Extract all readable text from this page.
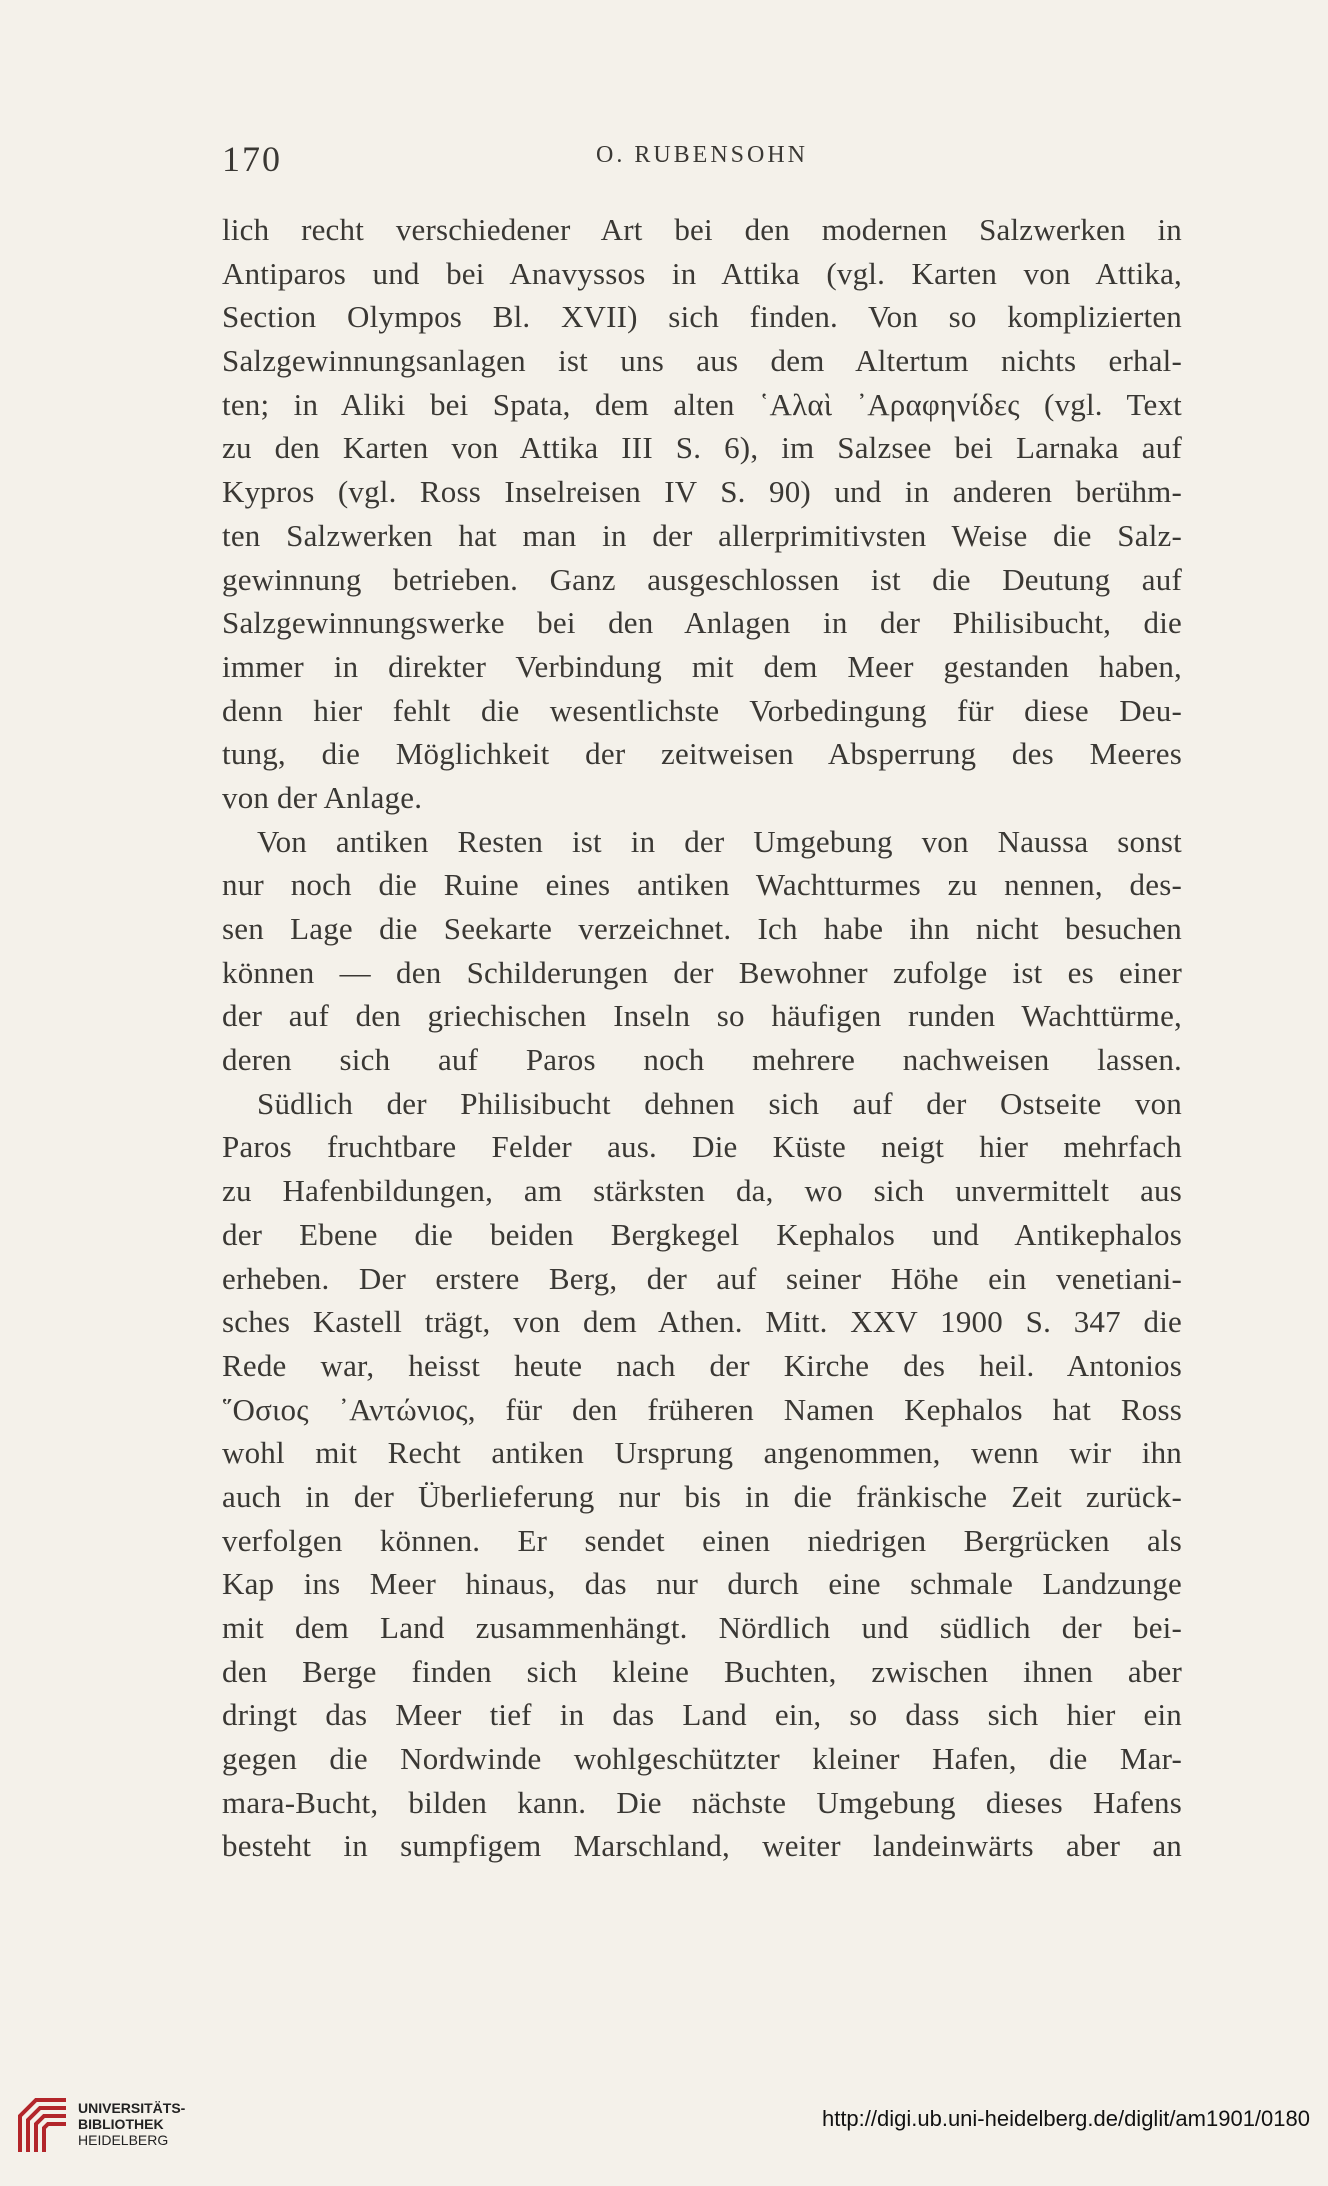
170	O. RUBENSOHN
lich recht verschiedener Art bei den modernen Salzwerken in
Antiparos und bei Anavyssos in Attika (vgl. Karten von Attika,
Section Olympos Bl. XVII) sich finden. Von so komplizierten
Salzgewinnungsanlagen ist uns aus dem Altertum nichts erhal-
ten; in Aliki bei Spata, dem alten ῾Αλαὶ ᾿Αραφηνίδες (vgl. Text
zu den Karten von Attika III S. 6), im Salzsee bei Larnaka auf
Kypros (vgl. Ross Inselreisen IV S. 90) und in anderen berühm-
ten Salzwerken hat man in der allerprimitivsten Weise die Salz-
gewinnung betrieben. Ganz ausgeschlossen ist die Deutung auf
Salzgewinnungswerke bei den Anlagen in der Philisibucht, die
immer in direkter Verbindung mit dem Meer gestanden haben,
denn hier fehlt die wesentlichste Vorbedingung für diese Deu-
tung, die Möglichkeit der zeitweisen Absperrung des Meeres
von der Anlage.
Von antiken Resten ist in der Umgebung von Naussa sonst
nur noch die Ruine eines antiken Wachtturmes zu nennen, des-
sen Lage die Seekarte verzeichnet. Ich habe ihn nicht besuchen
können — den Schilderungen der Bewohner zufolge ist es einer
der auf den griechischen Inseln so häufigen runden Wachttürme,
deren sich auf Paros noch mehrere nachweisen lassen.
Südlich der Philisibucht dehnen sich auf der Ostseite von
Paros fruchtbare Felder aus. Die Küste neigt hier mehrfach
zu Hafenbildungen, am stärksten da, wo sich unvermittelt aus
der Ebene die beiden Bergkegel Kephalos und Antikephalos
erheben. Der erstere Berg, der auf seiner Höhe ein venetiani-
sches Kastell trägt, von dem Athen. Mitt. XXV 1900 S. 347 die
Rede war, heisst heute nach der Kirche des heil. Antonios
῞Οσιος ᾿Αντώνιος, für den früheren Namen Kephalos hat Ross
wohl mit Recht antiken Ursprung angenommen, wenn wir ihn
auch in der Überlieferung nur bis in die fränkische Zeit zurück-
verfolgen können. Er sendet einen niedrigen Bergrücken als
Kap ins Meer hinaus, das nur durch eine schmale Landzunge
mit dem Land zusammenhängt. Nördlich und südlich der bei-
den Berge finden sich kleine Buchten, zwischen ihnen aber
dringt das Meer tief in das Land ein, so dass sich hier ein
gegen die Nordwinde wohlgeschützter kleiner Hafen, die Mar-
mara-Bucht, bilden kann. Die nächste Umgebung dieses Hafens
besteht in sumpfigem Marschland, weiter landeinwärts aber an
UNIVERSITÄTS-
BIBLIOTHEK
HEIDELBERG
http://digi.ub.uni-heidelberg.de/diglit/am1901/0180
